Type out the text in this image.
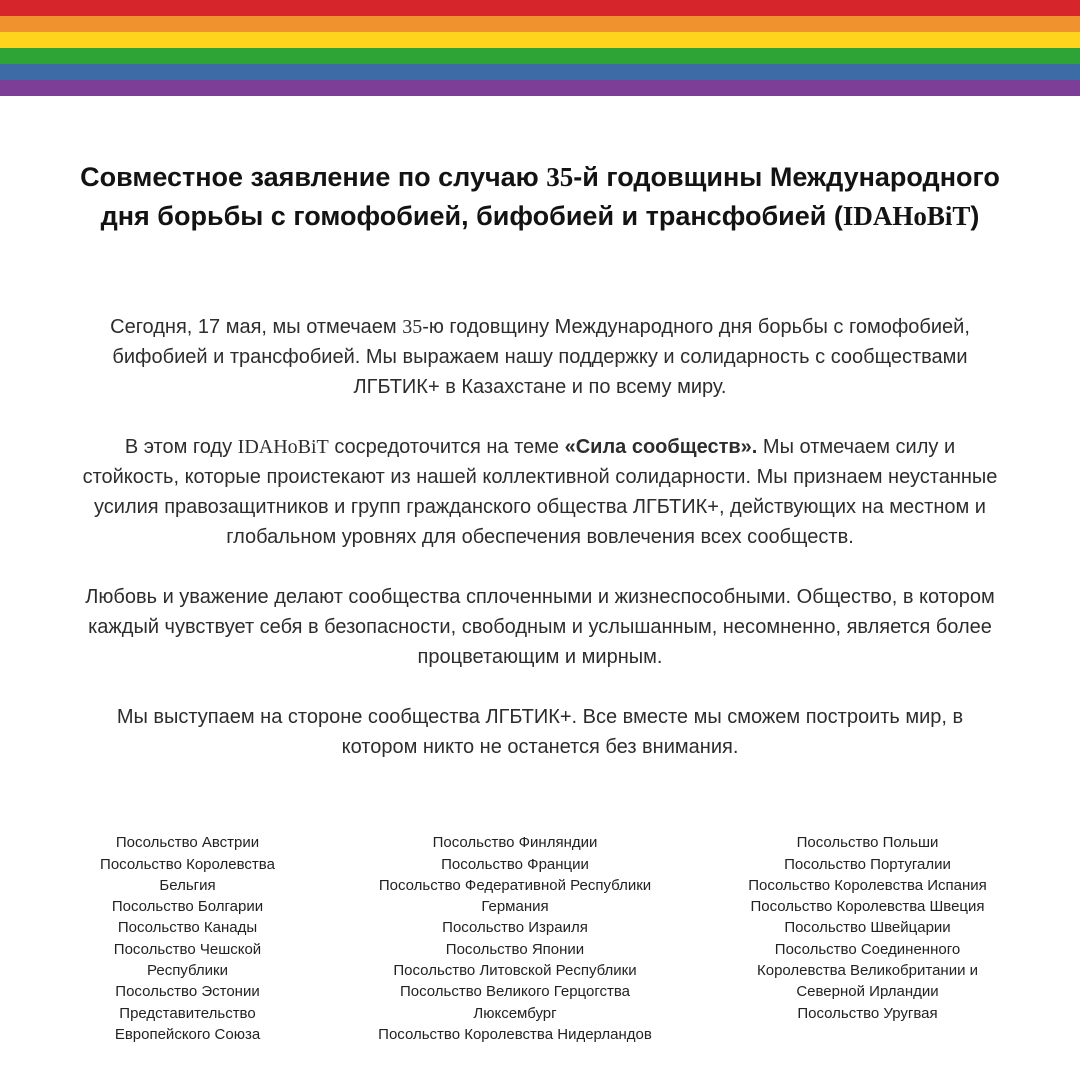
Совместное заявление по случаю 35-й годовщины Международного дня борьбы с гомофобией, бифобией и трансфобией (IDAHoBiT)

Сегодня, 17 мая, мы отмечаем 35-ю годовщину Международного дня борьбы с гомофобией, бифобией и трансфобией. Мы выражаем нашу поддержку и солидарность с сообществами ЛГБТИК+ в Казахстане и по всему миру.

В этом году IDAHoBiT сосредоточится на теме «Сила сообществ». Мы отмечаем силу и стойкость, которые проистекают из нашей коллективной солидарности. Мы признаем неустанные усилия правозащитников и групп гражданского общества ЛГБТИК+, действующих на местном и глобальном уровнях для обеспечения вовлечения всех сообществ.

Любовь и уважение делают сообщества сплоченными и жизнеспособными. Общество, в котором каждый чувствует себя в безопасности, свободным и услышанным, несомненно, является более процветающим и мирным.

Мы выступаем на стороне сообщества ЛГБТИК+. Все вместе мы сможем построить мир, в котором никто не останется без внимания.

Посольство Австрии
Посольство Королевства Бельгия
Посольство Болгарии
Посольство Канады
Посольство Чешской Республики
Посольство Эстонии
Представительство Европейского Союза
Посольство Финляндии
Посольство Франции
Посольство Федеративной Республики Германия
Посольство Израиля
Посольство Японии
Посольство Литовской Республики
Посольство Великого Герцогства Люксембург
Посольство Королевства Нидерландов
Посольство Польши
Посольство Португалии
Посольство Королевства Испания
Посольство Королевства Швеция
Посольство Швейцарии
Посольство Соединенного Королевства Великобритании и Северной Ирландии
Посольство Уругвая
